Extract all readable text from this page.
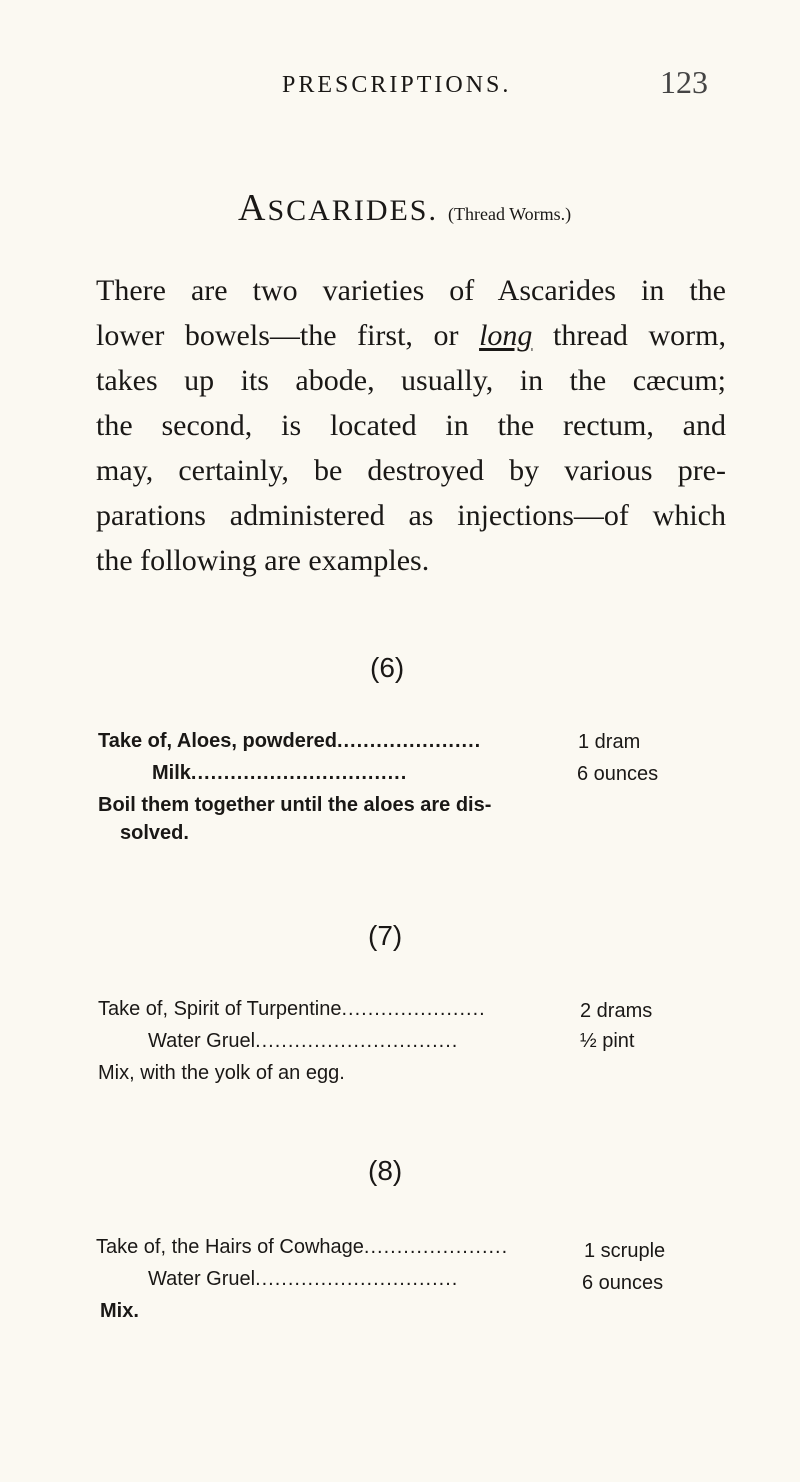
PRESCRIPTIONS.	123
ASCARIDES. (Thread Worms.)
There are two varieties of Ascarides in the
lower bowels—the first, or long thread worm,
takes up its abode, usually, in the cæcum;
the second, is located in the rectum, and
may, certainly, be destroyed by various pre-
parations administered as injections—of which
the following are examples.
(6)
Take of, Aloes, powdered......................	1 dram
Milk.................................	6 ounces
Boil them together until the aloes are dis-
solved.
(7)
Take of, Spirit of Turpentine......................	2 drams
Water Gruel...............................	½ pint
Mix, with the yolk of an egg.
(8)
Take of, the Hairs of Cowhage......................	1 scruple
Water Gruel...............................	6 ounces
Mix.
